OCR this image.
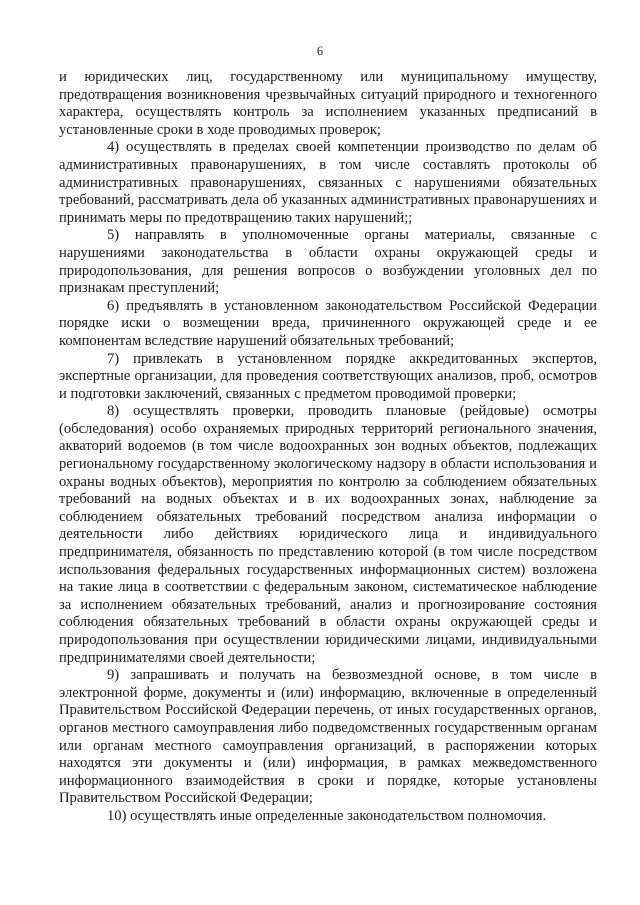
6

и юридических лиц, государственному или муниципальному имуществу, предотвращения возникновения чрезвычайных ситуаций природного и техногенного характера, осуществлять контроль за исполнением указанных предписаний в установленные сроки в ходе проводимых проверок;

4) осуществлять в пределах своей компетенции производство по делам об административных правонарушениях, в том числе составлять протоколы об административных правонарушениях, связанных с нарушениями обязательных требований, рассматривать дела об указанных административных правонарушениях и принимать меры по предотвращению таких нарушений;;

5) направлять в уполномоченные органы материалы, связанные с нарушениями законодательства в области охраны окружающей среды и природопользования, для решения вопросов о возбуждении уголовных дел по признакам преступлений;

6) предъявлять в установленном законодательством Российской Федерации порядке иски о возмещении вреда, причиненного окружающей среде и ее компонентам вследствие нарушений обязательных требований;

7) привлекать в установленном порядке аккредитованных экспертов, экспертные организации, для проведения соответствующих анализов, проб, осмотров и подготовки заключений, связанных с предметом проводимой проверки;

8) осуществлять проверки, проводить плановые (рейдовые) осмотры (обследования) особо охраняемых природных территорий регионального значения, акваторий водоемов (в том числе водоохранных зон водных объектов, подлежащих региональному государственному экологическому надзору в области использования и охраны водных объектов), мероприятия по контролю за соблюдением обязательных требований на водных объектах и в их водоохранных зонах, наблюдение за соблюдением обязательных требований посредством анализа информации о деятельности либо действиях юридического лица и индивидуального предпринимателя, обязанность по представлению которой (в том числе посредством использования федеральных государственных информационных систем) возложена на такие лица в соответствии с федеральным законом, систематическое наблюдение за исполнением обязательных требований, анализ и прогнозирование состояния соблюдения обязательных требований в области охраны окружающей среды и природопользования при осуществлении юридическими лицами, индивидуальными предпринимателями своей деятельности;

9) запрашивать и получать на безвозмездной основе, в том числе в электронной форме, документы и (или) информацию, включенные в определенный Правительством Российской Федерации перечень, от иных государственных органов, органов местного самоуправления либо подведомственных государственным органам или органам местного самоуправления организаций, в распоряжении которых находятся эти документы и (или) информация, в рамках межведомственного информационного взаимодействия в сроки и порядке, которые установлены Правительством Российской Федерации;

10) осуществлять иные определенные законодательством полномочия.
